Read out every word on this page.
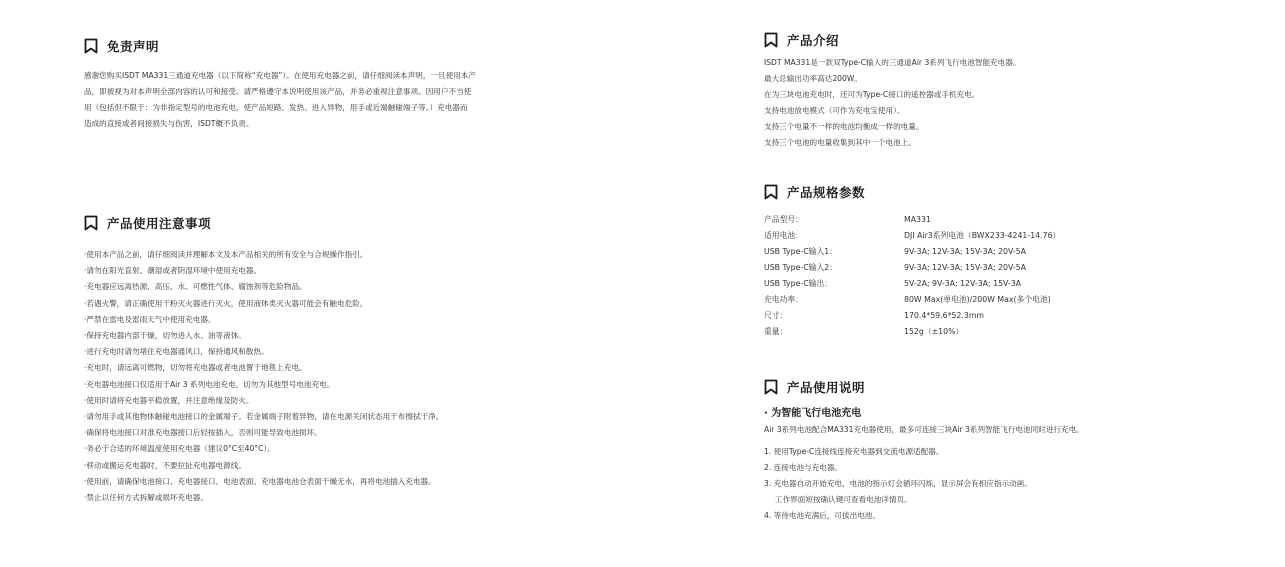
免责声明

感谢您购买ISDT MA331三通道充电器（以下简称“充电器”）。在使用充电器之前，请仔细阅读本声明，一旦使用本产

品，即被视为对本声明全部内容的认可和接受。请严格遵守本说明使用该产品，并务必重视注意事项。因用户不当使

用（包括但不限于：为非指定型号的电池充电，使产品短路、发热、进入异物，用手或近端触碰端子等。）充电器而

造成的直接或者间接损失与伤害，ISDT概不负责。

产品使用注意事项
·使用本产品之前，请仔细阅读并理解本文及本产品相关的所有安全与合规操作指引。
·请勿在阳光直射、潮湿或者阴湿环境中使用充电器。
·充电器应远离热源、高压、水、可燃性气体、腐蚀剂等危险物品。
·若遇火警，请正确使用干粉灭火器进行灭火，使用液体类灭火器可能会有触电危险。
·严禁在雷电及雷雨天气中使用充电器。
·保持充电器内部干燥，切勿进入水、油等液体。
·进行充电时请勿堵住充电器通风口，保持通风和散热。
·充电时，请远离可燃物，切勿将充电器或者电池置于地毯上充电。
·充电器电池接口仅适用于Air 3 系列电池充电，切勿为其他型号电池充电。
·使用时请将充电器平稳放置，并注意绝缘及防火。
·请勿用手或其他物体触碰电池接口的金属端子。若金属端子附着异物，请在电源关闭状态用干布擦拭干净。
·确保将电池接口对准充电器接口后轻按插入，否则可能导致电池损坏。
·务必于合适的环境温度使用充电器（建议0°C至40°C）。
·移动或搬运充电器时，不要拉扯充电器电源线。
·使用前，请确保电池接口、充电器接口、电池表面、充电器电池仓表面干燥无水，再将电池插入充电器。
·禁止以任何方式拆解或损坏充电器。
产品介绍

ISDT MA331是一款双Type-C输入的三通道Air 3系列飞行电池智能充电器。

最大总输出功率高达200W。

在为三块电池充电时，还可为Type-C接口的遥控器或手机充电。

支持电池放电模式（可作为充电宝使用）。

支持三个电量不一样的电池均衡成一样的电量。

支持三个电池的电量收集到其中一个电池上。

产品规格参数
产品型号：	MA331
适用电池：	DJI Air3系列电池（BWX233-4241-14.76）
USB Type-C输入1：	9V-3A; 12V-3A; 15V-3A; 20V-5A
USB Type-C输入2：	9V-3A; 12V-3A; 15V-3A; 20V-5A
USB Type-C输出：	5V-2A; 9V-3A; 12V-3A; 15V-3A
充电功率：	80W Max(单电池)/200W Max(多个电池)
尺寸：	170.4*59.6*52.3mm
重量：	152g（±10%）
产品使用说明

· 为智能飞行电池充电

Air 3系列电池配合MA331充电器使用，最多可连接三块Air 3系列智能飞行电池同时进行充电。

1. 使用Type-C连接线连接充电器到交流电源适配器。
2. 连接电池与充电器。
3. 充电器自动开始充电，电池的指示灯会循环闪烁，显示屏会有相应指示动画。
工作界面短按确认键可查看电池详情页。
4. 等待电池充满后，可拔出电池。
